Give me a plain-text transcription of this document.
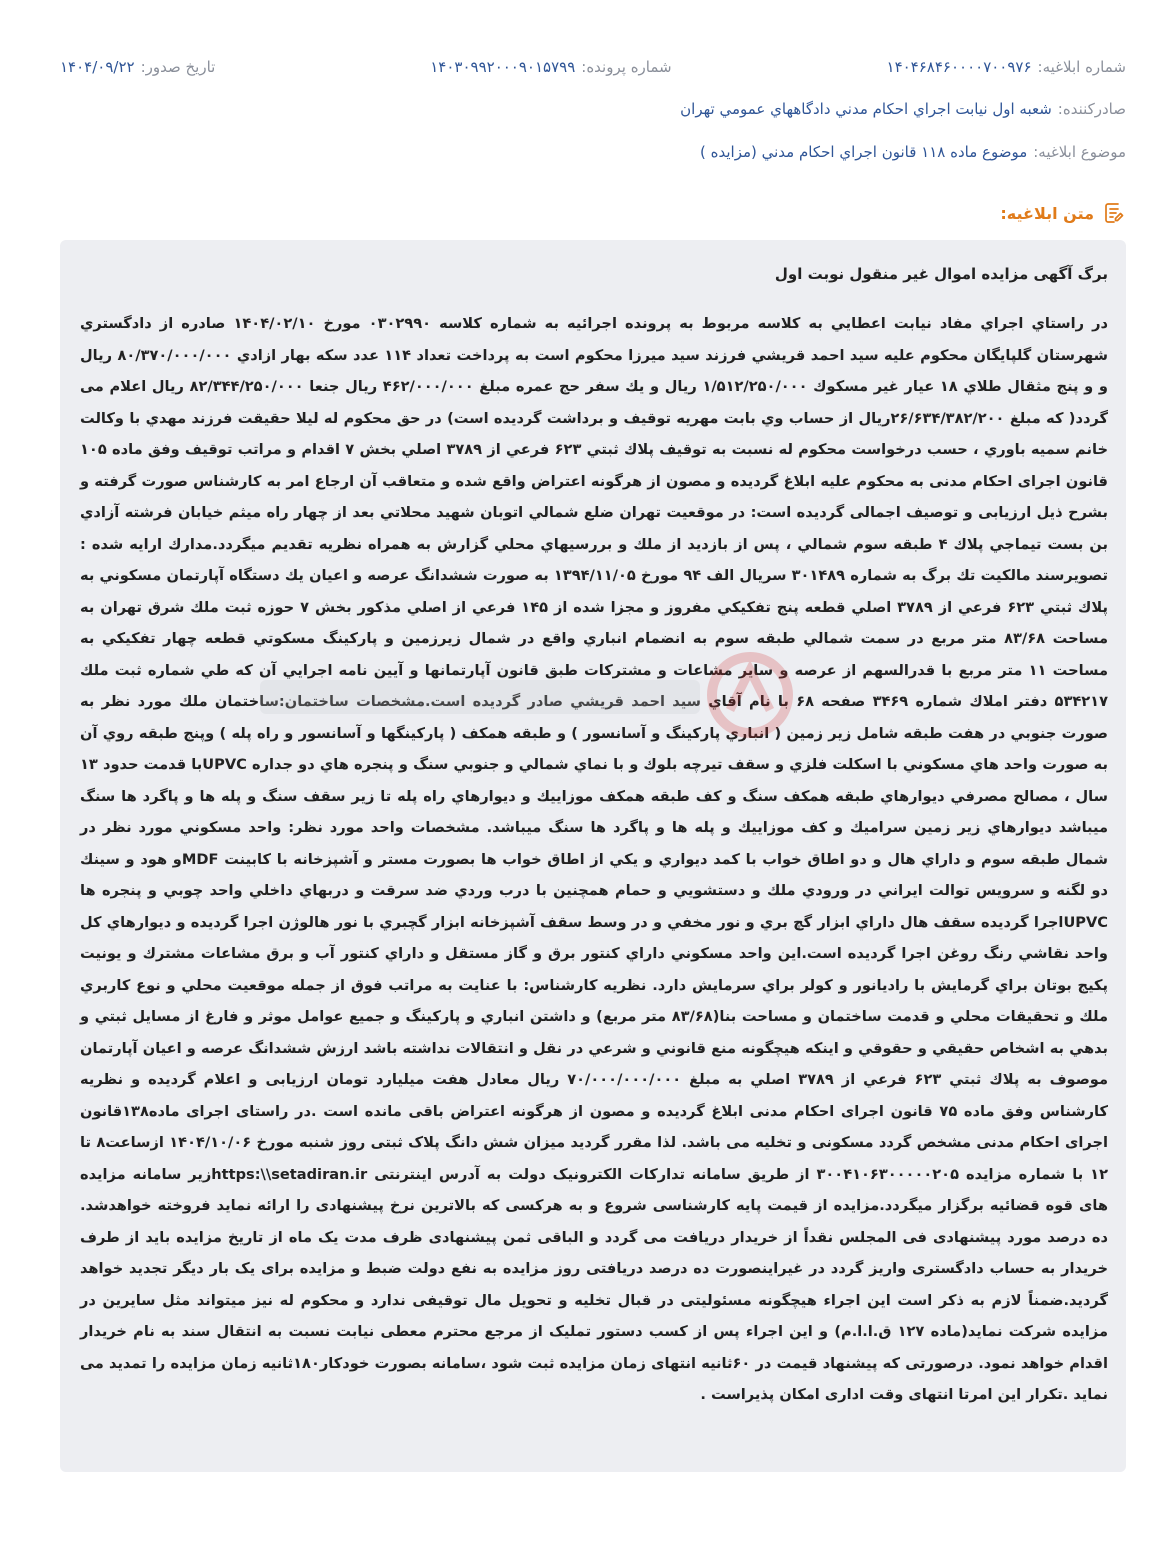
شماره ابلاغیه:
۱۴۰۴۶۸۴۶۰۰۰۰۷۰۰۹۷۶
شماره پرونده:
۱۴۰۳۰۹۹۲۰۰۰۹۰۱۵۷۹۹
تاریخ صدور:
۱۴۰۴/۰۹/۲۲
صادرکننده:
شعبه اول نيابت اجراي احكام مدني دادگاههاي عمومي تهران
موضوع ابلاغیه:
موضوع ماده ۱۱۸ قانون اجراي احكام مدني (مزايده )
متن ابلاغیه:
برگ آگهی مزایده اموال غیر منقول نوبت اول

در راستاي اجراي مفاد نيابت اعطايي به كلاسه مربوط به پرونده اجرائیه به شماره کلاسه ۰۳۰۲۹۹۰ مورخ ۱۴۰۴/۰۲/۱۰ صادره از دادگستري شهرستان گلپايگان محكوم عليه سيد احمد قريشي فرزند سيد ميرزا محکوم است به پرداخت تعداد ۱۱۴ عدد سكه بهار ازادي ۸۰/۳۷۰/۰۰۰/۰۰۰ ريال و و پنج مثقال طلاي ۱۸ عيار غير مسكوك ۱/۵۱۲/۲۵۰/۰۰۰ ريال و يك سفر حج عمره مبلغ ۴۶۲/۰۰۰/۰۰۰ ريال جنعا ۸۲/۳۴۴/۲۵۰/۰۰۰ ريال اعلام می گردد( كه مبلغ ۲۶/۶۳۴/۳۸۲/۲۰۰ريال از حساب وي بابت مهريه توقيف و برداشت گرديده است) در حق محکوم له ليلا حقيقت فرزند مهدي با وكالت خانم سميه باوري ، حسب درخواست محکوم له نسبت به توقیف پلاك ثبتي ۶۲۳ فرعي از ۳۷۸۹ اصلي بخش ۷ اقدام و مراتب توقیف وفق ماده ۱۰۵ قانون اجرای احکام مدنی به محکوم علیه ابلاغ گردیده و مصون از هرگونه اعتراض واقع شده و متعاقب آن ارجاع امر به کارشناس صورت گرفته و بشرح ذیل ارزیابی و توصیف اجمالی گردیده است: در موقعيت تهران ضلع شمالي اتوبان شهيد محلاتي بعد از چهار راه ميثم خيابان فرشته آزادي بن بست تيماجي پلاك ۴ طبقه سوم شمالي ، پس از بازديد از ملك و بررسيهاي محلي گزارش به همراه نظريه تقديم ميگردد.مدارك ارايه شده : تصويرسند مالكيت تك برگ به شماره ۳۰۱۴۸۹ سريال الف ۹۴ مورخ ۱۳۹۴/۱۱/۰۵ به صورت ششدانگ عرصه و اعيان يك دستگاه آپارتمان مسكوني به پلاك ثبتي ۶۲۳ فرعي از ۳۷۸۹ اصلي قطعه پنج تفكيكي مفروز و مجزا شده از ۱۴۵ فرعي از اصلي مذكور بخش ۷ حوزه ثبت ملك شرق تهران به مساحت ۸۳/۶۸ متر مربع در سمت شمالي طبقه سوم به انضمام انباري واقع در شمال زيرزمين و پاركينگ مسكوتي قطعه چهار تفكيكي به مساحت ۱۱ متر مربع با قدرالسهم از عرصه و ساير مشاعات و مشتركات طبق قانون آپارتمانها و آيين نامه اجرايي آن كه طي شماره ثبت ملك ۵۳۴۲۱۷ دفتر املاك شماره ۳۴۶۹ صفحه ۶۸ با نام آقاي سيد احمد قريشي صادر گرديده است.مشخصات ساختمان:ساختمان ملك مورد نظر به صورت جنوبي در هفت طبقه شامل زير زمين ( انباري پاركينگ و آسانسور ) و طبقه همكف ( پاركينگها و آسانسور و راه پله ) وپنج طبقه روي آن به صورت واحد هاي مسكوني با اسكلت فلزي و سقف تيرچه بلوك و با نماي شمالي و جنوبي سنگ و پنجره هاي دو جداره UPVCبا قدمت حدود ۱۳ سال ، مصالح مصرفي ديوارهاي طبقه همكف سنگ و كف طبقه همكف موزاييك و ديوارهاي راه پله تا زير سقف سنگ و پله ها و پاگرد ها سنگ ميباشد ديوارهاي زير زمين سراميك و كف موزاييك و پله ها و پاگرد ها سنگ ميباشد. مشخصات واحد مورد نظر: واحد مسكوني مورد نظر در شمال طبقه سوم و داراي هال و دو اطاق خواب با كمد ديواري و يكي از اطاق خواب ها بصورت مستر و آشپزخانه با كابينت MDFو هود و سينك دو لگنه و سرويس توالت ايراني در ورودي ملك و دستشويي و حمام همچنين با درب وردي ضد سرقت و دربهاي داخلي واحد چوبي و پنجره ها UPVCاجرا گرديده سقف هال داراي ابزار گچ بري و نور مخفي و در وسط سقف آشپزخانه ابزار گچبري با نور هالوژن اجرا گرديده و ديوارهاي كل واحد نقاشي رنگ روغن اجرا گرديده است.اين واحد مسكوني داراي كنتور برق و گاز مستقل و داراي كنتور آب و برق مشاعات مشترك و يونيت پكيج بوتان براي گرمايش با راديانور و كولر براي سرمايش دارد. نظريه كارشناس: با عنايت به مراتب فوق از جمله موقعيت محلي و نوع كاربري ملك و تحقيقات محلي و قدمت ساختمان و مساحت بنا(۸۳/۶۸ متر مربع) و داشتن انباري و پاركينگ و جميع عوامل موثر و فارغ از مسايل ثبتي و بدهي به اشخاص حقيقي و حقوقي و اينكه هيچگونه منع قانوني و شرعي در نقل و انتقالات نداشته باشد ارزش ششدانگ عرصه و اعيان آپارتمان موصوف به پلاك ثبتي ۶۲۳ فرعي از ۳۷۸۹ اصلي به مبلغ ۷۰/۰۰۰/۰۰۰/۰۰۰ ريال معادل هفت ميليارد تومان ارزیابی و اعلام گردیده و نظریه کارشناس وفق ماده ۷۵ قانون اجرای احکام مدنی ابلاغ گردیده و مصون از هرگونه اعتراض باقی مانده است .در راستای اجرای ماده۱۳۸قانون اجرای احکام مدنی مشخص گردد مسکونی و تخلیه می باشد. لذا مقرر گردید میزان شش دانگ پلاک ثبتی روز شنبه مورخ ۱۴۰۴/۱۰/۰۶ ازساعت۸ تا ۱۲ با شماره مزایده ۳۰۰۴۱۰۶۳۰۰۰۰۰۲۰۵ از طریق سامانه تدارکات الکترونیک دولت به آدرس اینترنتی https:\\setadiran.irزیر سامانه مزایده های قوه قضائیه برگزار میگردد.مزایده از قیمت پایه کارشناسی شروع و به هرکسی که بالاترین نرخ پیشنهادی را ارائه نماید فروخته خواهدشد. ده درصد مورد پیشنهادی فی المجلس نقداً از خریدار دریافت می گردد و الباقی ثمن پیشنهادی ظرف مدت یک ماه از تاریخ مزایده باید از طرف خریدار به حساب دادگستری واریز گردد در غیراینصورت ده درصد دریافتی روز مزایده به نفع دولت ضبط و مزایده برای یک بار دیگر تجدید خواهد گردید.ضمناً لازم به ذکر است این اجراء هیچگونه مسئولیتی در قبال تخلیه و تحویل مال توقیفی ندارد و محکوم له نیز میتواند مثل سایرین در مزایده شرکت نماید(ماده ۱۲۷ ق.ا.ا.م) و این اجراء پس از کسب دستور تملیک از مرجع محترم معطی نیابت نسبت به انتقال سند به نام خریدار اقدام خواهد نمود. درصورتی که پیشنهاد قیمت در ۶۰ثانیه انتهای زمان مزایده ثبت شود ،سامانه بصورت خودکار۱۸۰ثانیه زمان مزایده را تمدید می نماید .تکرار این امرتا انتهای وقت اداری امکان پذیراست .
